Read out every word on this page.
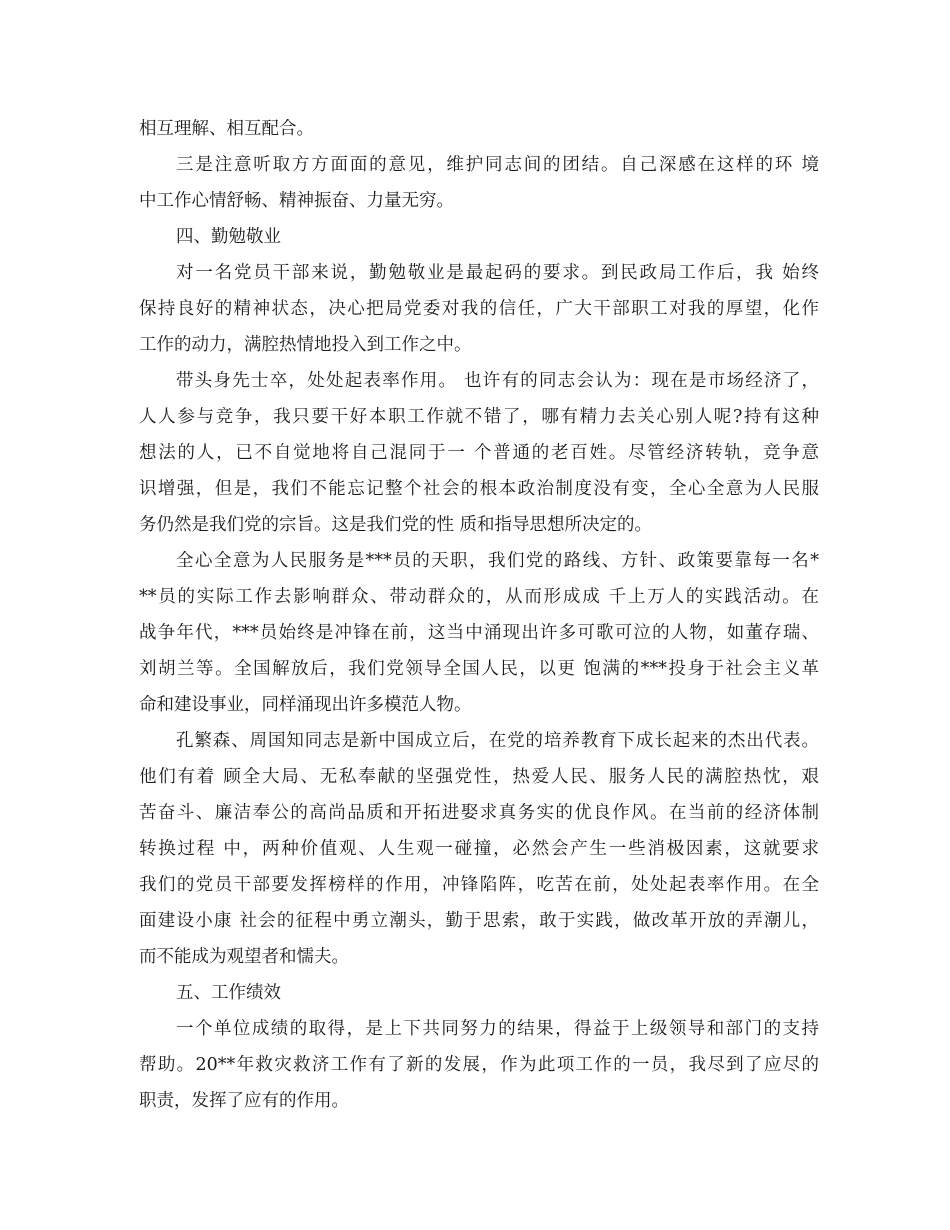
相互理解、相互配合。

三是注意听取方方面面的意见，维护同志间的团结。自己深感在这样的环 境

中工作心情舒畅、精神振奋、力量无穷。

四、勤勉敬业

对一名党员干部来说，勤勉敬业是最起码的要求。到民政局工作后，我 始终

保持良好的精神状态，决心把局党委对我的信任，广大干部职工对我的厚望，化作

工作的动力，满腔热情地投入到工作之中。

带头身先士卒，处处起表率作用。 也许有的同志会认为：现在是市场经济了，

人人参与竞争，我只要干好本职工作就不错了，哪有精力去关心别人呢?持有这种

想法的人，已不自觉地将自己混同于一 个普通的老百姓。尽管经济转轨，竞争意

识增强，但是，我们不能忘记整个社会的根本政治制度没有变，全心全意为人民服

务仍然是我们党的宗旨。这是我们党的性 质和指导思想所决定的。

全心全意为人民服务是***员的天职，我们党的路线、方针、政策要靠每一名*

**员的实际工作去影响群众、带动群众的，从而形成成 千上万人的实践活动。在

战争年代，***员始终是冲锋在前，这当中涌现出许多可歌可泣的人物，如董存瑞、

刘胡兰等。全国解放后，我们党领导全国人民，以更 饱满的***投身于社会主义革

命和建设事业，同样涌现出许多模范人物。

孔繁森、周国知同志是新中国成立后，在党的培养教育下成长起来的杰出代表。

他们有着 顾全大局、无私奉献的坚强党性，热爱人民、服务人民的满腔热忱，艰

苦奋斗、廉洁奉公的高尚品质和开拓进娶求真务实的优良作风。在当前的经济体制

转换过程 中，两种价值观、人生观一碰撞，必然会产生一些消极因素，这就要求

我们的党员干部要发挥榜样的作用，冲锋陷阵，吃苦在前，处处起表率作用。在全

面建设小康 社会的征程中勇立潮头，勤于思索，敢于实践，做改革开放的弄潮儿，

而不能成为观望者和懦夫。

五、工作绩效

一个单位成绩的取得，是上下共同努力的结果，得益于上级领导和部门的支持

帮助。20**年救灾救济工作有了新的发展，作为此项工作的一员，我尽到了应尽的

职责，发挥了应有的作用。
